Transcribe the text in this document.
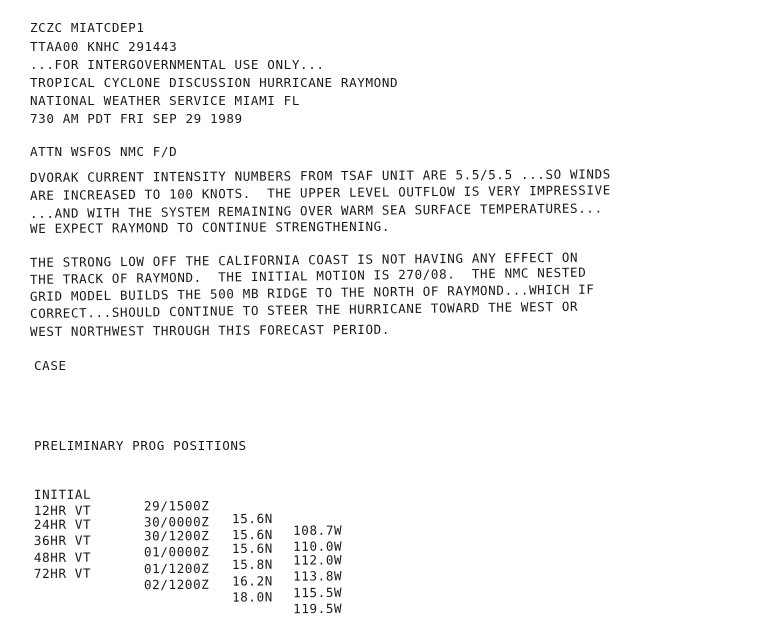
ZCZC MIATCDEP1
TTAA00 KNHC 291443
...FOR INTERGOVERNMENTAL USE ONLY...
TROPICAL CYCLONE DISCUSSION HURRICANE RAYMOND
NATIONAL WEATHER SERVICE MIAMI FL
730 AM PDT FRI SEP 29 1989
ATTN WSFOS NMC F/D
DVORAK CURRENT INTENSITY NUMBERS FROM TSAF UNIT ARE 5.5/5.5 ...SO WINDS
ARE INCREASED TO 100 KNOTS.  THE UPPER LEVEL OUTFLOW IS VERY IMPRESSIVE
...AND WITH THE SYSTEM REMAINING OVER WARM SEA SURFACE TEMPERATURES...
WE EXPECT RAYMOND TO CONTINUE STRENGTHENING.
THE STRONG LOW OFF THE CALIFORNIA COAST IS NOT HAVING ANY EFFECT ON
THE TRACK OF RAYMOND.  THE INITIAL MOTION IS 270/08.  THE NMC NESTED
GRID MODEL BUILDS THE 500 MB RIDGE TO THE NORTH OF RAYMOND...WHICH IF
CORRECT...SHOULD CONTINUE TO STEER THE HURRICANE TOWARD THE WEST OR
WEST NORTHWEST THROUGH THIS FORECAST PERIOD.
CASE
PRELIMINARY PROG POSITIONS

INITIAL

29/1500Z

15.6N

108.7W

12HR VT

30/0000Z

15.6N

110.0W

24HR VT

30/1200Z

15.6N

112.0W

36HR VT

01/0000Z

15.8N

113.8W

48HR VT

01/1200Z

16.2N

115.5W

72HR VT

02/1200Z

18.0N

119.5W
